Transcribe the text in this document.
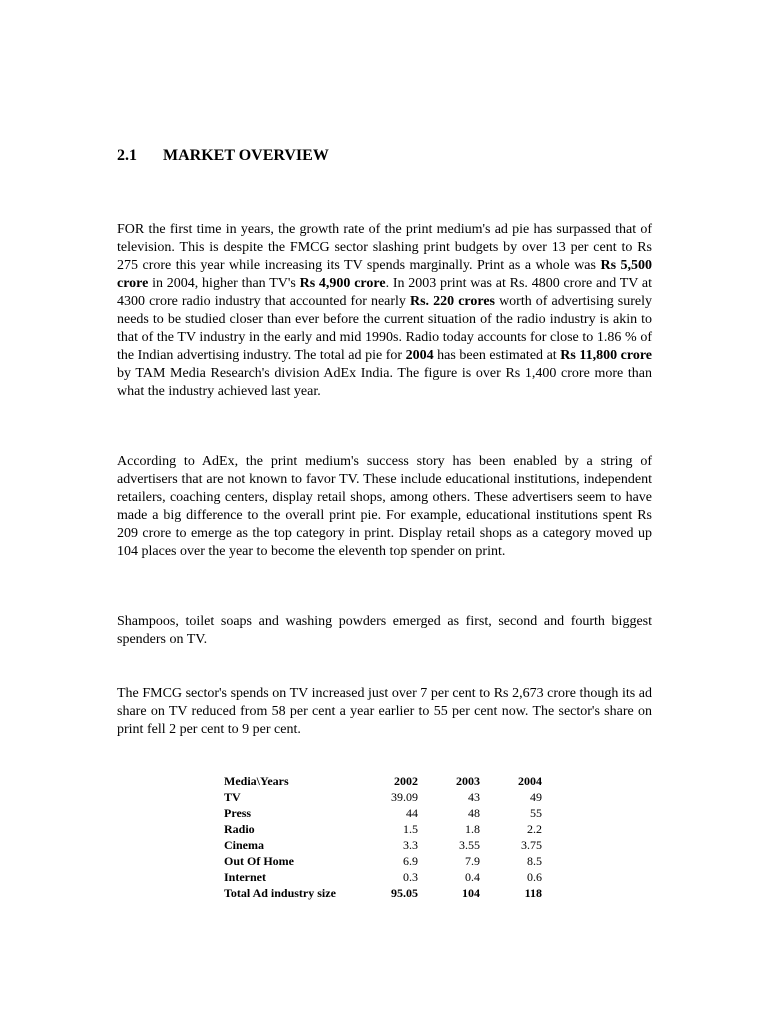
2.1 MARKET OVERVIEW

FOR the first time in years, the growth rate of the print medium's ad pie has surpassed that of television. This is despite the FMCG sector slashing print budgets by over 13 per cent to Rs 275 crore this year while increasing its TV spends marginally. Print as a whole was Rs 5,500 crore in 2004, higher than TV's Rs 4,900 crore. In 2003 print was at Rs. 4800 crore and TV at 4300 crore radio industry that accounted for nearly Rs. 220 crores worth of advertising surely needs to be studied closer than ever before the current situation of the radio industry is akin to that of the TV industry in the early and mid 1990s. Radio today accounts for close to 1.86 % of the Indian advertising industry. The total ad pie for 2004 has been estimated at Rs 11,800 crore by TAM Media Research's division AdEx India. The figure is over Rs 1,400 crore more than what the industry achieved last year.

According to AdEx, the print medium's success story has been enabled by a string of advertisers that are not known to favor TV. These include educational institutions, independent retailers, coaching centers, display retail shops, among others. These advertisers seem to have made a big difference to the overall print pie. For example, educational institutions spent Rs 209 crore to emerge as the top category in print. Display retail shops as a category moved up 104 places over the year to become the eleventh top spender on print.

Shampoos, toilet soaps and washing powders emerged as first, second and fourth biggest spenders on TV.

The FMCG sector's spends on TV increased just over 7 per cent to Rs 2,673 crore though its ad share on TV reduced from 58 per cent a year earlier to 55 per cent now. The sector's share on print fell 2 per cent to 9 per cent.

Media\Years	2002	2003	2004
TV	39.09	43	49
Press	44	48	55
Radio	1.5	1.8	2.2
Cinema	3.3	3.55	3.75
Out Of Home	6.9	7.9	8.5
Internet	0.3	0.4	0.6
Total Ad industry size	95.05	104	118
